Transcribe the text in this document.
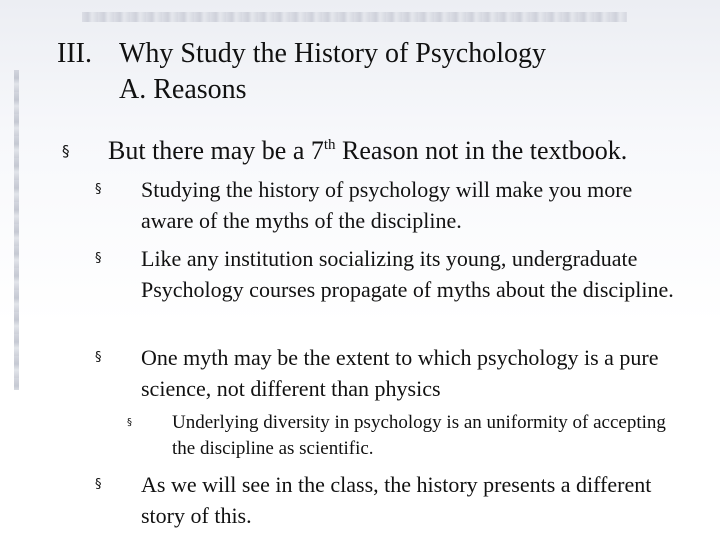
III. Why Study the History of Psychology
A. Reasons
§	But there may be a 7th Reason not in the textbook.
§	Studying the history of psychology will make you more aware of the myths of the discipline.
§	Like any institution socializing its young, undergraduate Psychology courses propagate of myths about the discipline.
§	One myth may be the extent to which psychology is a pure science, not different than physics
§	Underlying diversity in psychology is an uniformity of accepting the discipline as scientific.
§	As we will see in the class, the history presents a different story of this.
